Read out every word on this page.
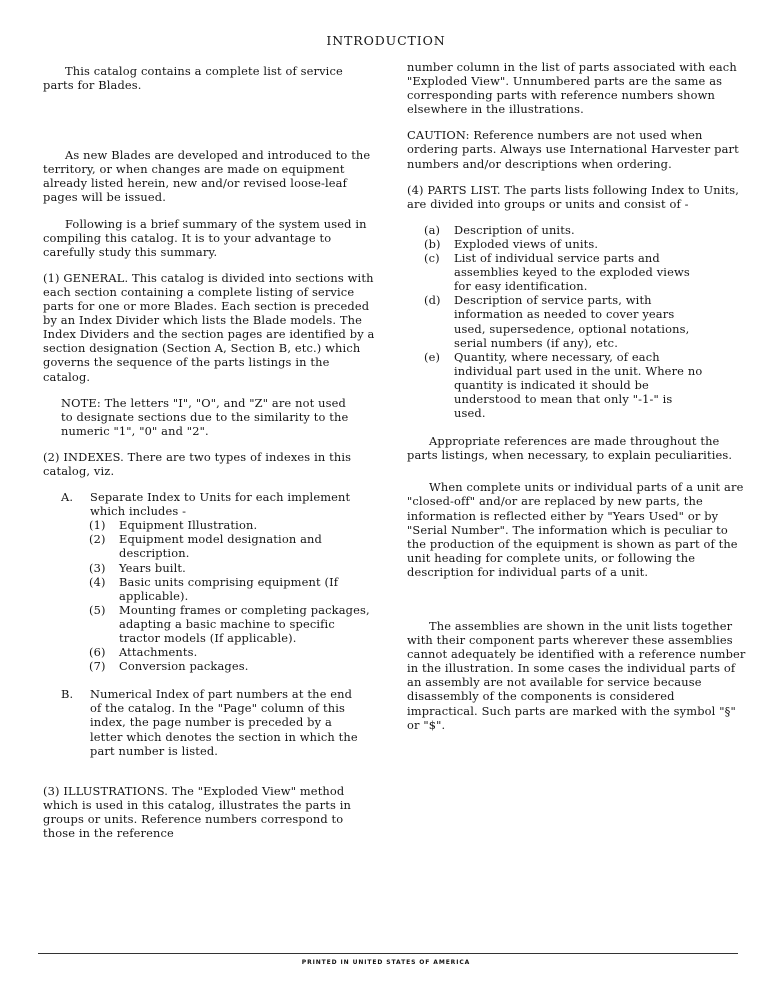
INTRODUCTION

This catalog contains a complete list of service parts for Blades.

As new Blades are developed and introduced to the territory, or when changes are made on equipment already listed herein, new and/or revised loose-leaf pages will be issued.

Following is a brief summary of the system used in compiling this catalog. It is to your advantage to carefully study this summary.

(1) GENERAL. This catalog is divided into sections with each section containing a complete listing of service parts for one or more Blades. Each section is preceded by an Index Divider which lists the Blade models. The Index Dividers and the section pages are identified by a section designation (Section A, Section B, etc.) which governs the sequence of the parts listings in the catalog.

NOTE: The letters "I", "O", and "Z" are not used to designate sections due to the similarity to the numeric "1", "0" and "2".

(2) INDEXES. There are two types of indexes in this catalog, viz.

A.	Separate Index to Units for each implement which includes -
(1)	Equipment Illustration.
(2)	Equipment model designation and description.
(3)	Years built.
(4)	Basic units comprising equipment (If applicable).
(5)	Mounting frames or completing packages, adapting a basic machine to specific tractor models (If applicable).
(6)	Attachments.
(7)	Conversion packages.
B.	Numerical Index of part numbers at the end of the catalog. In the "Page" column of this index, the page number is preceded by a letter which denotes the section in which the part number is listed.

(3) ILLUSTRATIONS. The "Exploded View" method which is used in this catalog, illustrates the parts in groups or units. Reference numbers correspond to those in the reference

number column in the list of parts associated with each "Exploded View". Unnumbered parts are the same as corresponding parts with reference numbers shown elsewhere in the illustrations.

CAUTION: Reference numbers are not used when ordering parts. Always use International Harvester part numbers and/or descriptions when ordering.

(4) PARTS LIST. The parts lists following Index to Units, are divided into groups or units and consist of -

(a)	Description of units.
(b)	Exploded views of units.
(c)	List of individual service parts and assemblies keyed to the exploded views for easy identification.
(d)	Description of service parts, with information as needed to cover years used, supersedence, optional notations, serial numbers (if any), etc.
(e)	Quantity, where necessary, of each individual part used in the unit. Where no quantity is indicated it should be understood to mean that only "-1-" is used.

Appropriate references are made throughout the parts listings, when necessary, to explain peculiarities.

When complete units or individual parts of a unit are "closed-off" and/or are replaced by new parts, the information is reflected either by "Years Used" or by "Serial Number". The information which is peculiar to the production of the equipment is shown as part of the unit heading for complete units, or following the description for individual parts of a unit.

The assemblies are shown in the unit lists together with their component parts wherever these assemblies cannot adequately be identified with a reference number in the illustration. In some cases the individual parts of an assembly are not available for service because disassembly of the components is considered impractical. Such parts are marked with the symbol "§" or "$".

PRINTED IN UNITED STATES OF AMERICA
